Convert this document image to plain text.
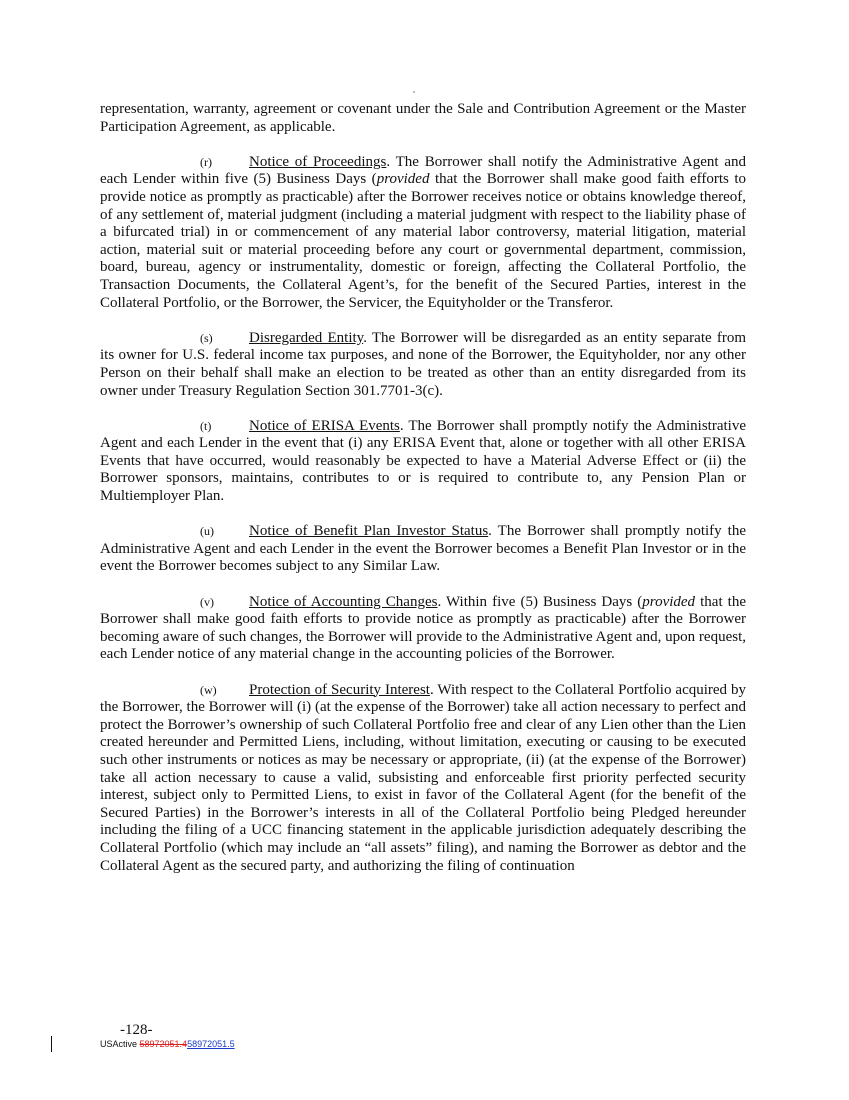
representation, warranty, agreement or covenant under the Sale and Contribution Agreement or the Master Participation Agreement, as applicable.

(r) Notice of Proceedings. The Borrower shall notify the Administrative Agent and each Lender within five (5) Business Days (provided that the Borrower shall make good faith efforts to provide notice as promptly as practicable) after the Borrower receives notice or obtains knowledge thereof, of any settlement of, material judgment (including a material judgment with respect to the liability phase of a bifurcated trial) in or commencement of any material labor controversy, material litigation, material action, material suit or material proceeding before any court or governmental department, commission, board, bureau, agency or instrumentality, domestic or foreign, affecting the Collateral Portfolio, the Transaction Documents, the Collateral Agent’s, for the benefit of the Secured Parties, interest in the Collateral Portfolio, or the Borrower, the Servicer, the Equityholder or the Transferor.

(s) Disregarded Entity. The Borrower will be disregarded as an entity separate from its owner for U.S. federal income tax purposes, and none of the Borrower, the Equityholder, nor any other Person on their behalf shall make an election to be treated as other than an entity disregarded from its owner under Treasury Regulation Section 301.7701-3(c).

(t)	Notice of ERISA Events. The Borrower shall promptly notify the Administrative Agent and each Lender in the event that (i) any ERISA Event that, alone or together with all other ERISA Events that have occurred, would reasonably be expected to have a Material Adverse Effect or (ii) the Borrower sponsors, maintains, contributes to or is required to contribute to, any Pension Plan or Multiemployer Plan.

(u) Notice of Benefit Plan Investor Status. The Borrower shall promptly notify the Administrative Agent and each Lender in the event the Borrower becomes a Benefit Plan Investor or in the event the Borrower becomes subject to any Similar Law.

(v) Notice of Accounting Changes. Within five (5) Business Days (provided that the Borrower shall make good faith efforts to provide notice as promptly as practicable) after the Borrower becoming aware of such changes, the Borrower will provide to the Administrative Agent and, upon request, each Lender notice of any material change in the accounting policies of the Borrower.

(w) Protection of Security Interest. With respect to the Collateral Portfolio acquired by the Borrower, the Borrower will (i) (at the expense of the Borrower) take all action necessary to perfect and protect the Borrower’s ownership of such Collateral Portfolio free and clear of any Lien other than the Lien created hereunder and Permitted Liens, including, without limitation, executing or causing to be executed such other instruments or notices as may be necessary or appropriate, (ii) (at the expense of the Borrower) take all action necessary to cause a valid, subsisting and enforceable first priority perfected security interest, subject only to Permitted Liens, to exist in favor of the Collateral Agent (for the benefit of the Secured Parties) in the Borrower’s interests in all of the Collateral Portfolio being Pledged hereunder including the filing of a UCC financing statement in the applicable jurisdiction adequately describing the Collateral Portfolio (which may include an “all assets” filing), and naming the Borrower as debtor and the Collateral Agent as the secured party, and authorizing the filing of continuation

-128-
USActive 58972051.458972051.5
